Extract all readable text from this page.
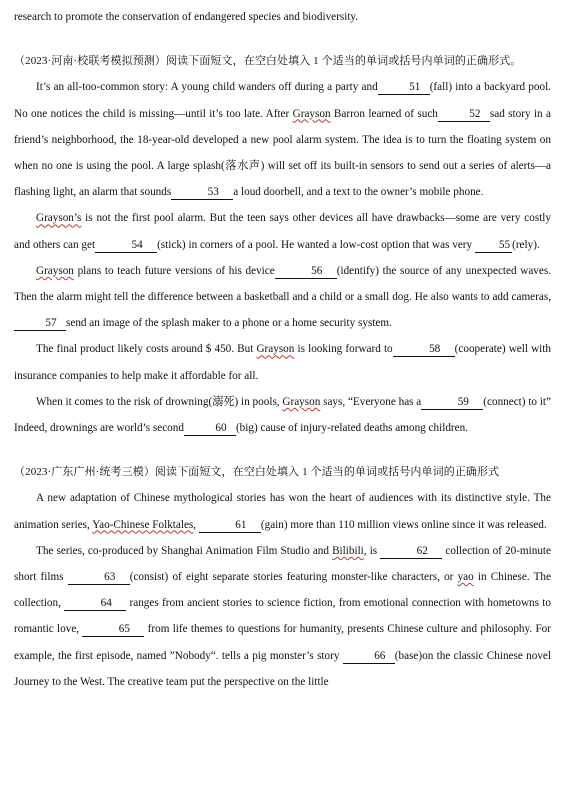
research to promote the conservation of endangered species and biodiversity.

（2023·河南·校联考模拟预测）阅读下面短文，在空白处填入 1 个适当的单词或括号内单词的正确形式。

It’s an all-too-common story: A young child wanders off during a party and	51 (fall) into a backyard pool. No one notices the child is missing—until it’s too late. After Grayson Barron learned of such	52 sad story in a friend’s neighborhood, the 18-year-old developed a new pool alarm system. The idea is to turn the floating system on when no one is using the pool. A large splash(落水声) will set off its built-in sensors to send out a series of alerts—a flashing light, an alarm that sounds	53 a loud doorbell, and a text to the owner’s mobile phone.

Grayson’s is not the first pool alarm. But the teen says other devices all have drawbacks—some are very costly and others can get	54 (stick) in corners of a pool. He wanted a low-cost option that was very 55 (rely).

Grayson plans to teach future versions of his device	56 (identify) the source of any unexpected waves. Then the alarm might tell the difference between a basketball and a child or a small dog. He also wants to add cameras,57 send an image of the splash maker to a phone or a home security system.

The final product likely costs around $ 450. But Grayson is looking forward to	58 (cooperate) well with insurance companies to help make it affordable for all.

When it comes to the risk of drowning(溺死) in pools, Grayson says, “Everyone has a	59 (connect) to it” Indeed, drownings are world’s second	60 (big) cause of injury-related deaths among children.

（2023·广东广州·统考三模）阅读下面短文，在空白处填入 1 个适当的单词或括号内单词的正确形式

A new adaptation of Chinese mythological stories has won the heart of audiences with its distinctive style. The animation series, Yao-Chinese Folktales,	61 (gain) more than 110 million views online since it was released.

The series, co-produced by Shanghai Animation Film Studio and Bilibili, is	62 collection of 20-minute short films	63 (consist) of eight separate stories featuring monster-like characters, or yao in Chinese. The collection,	64 ranges from ancient stories to science fiction, from emotional connection with hometowns to romantic love,	65 from life themes to questions for humanity, presents Chinese culture and philosophy. For example, the first episode, named ”Nobody“. tells a pig monster’s story	66 (base)on the classic Chinese novel Journey to the West. The creative team put the perspective on the little
